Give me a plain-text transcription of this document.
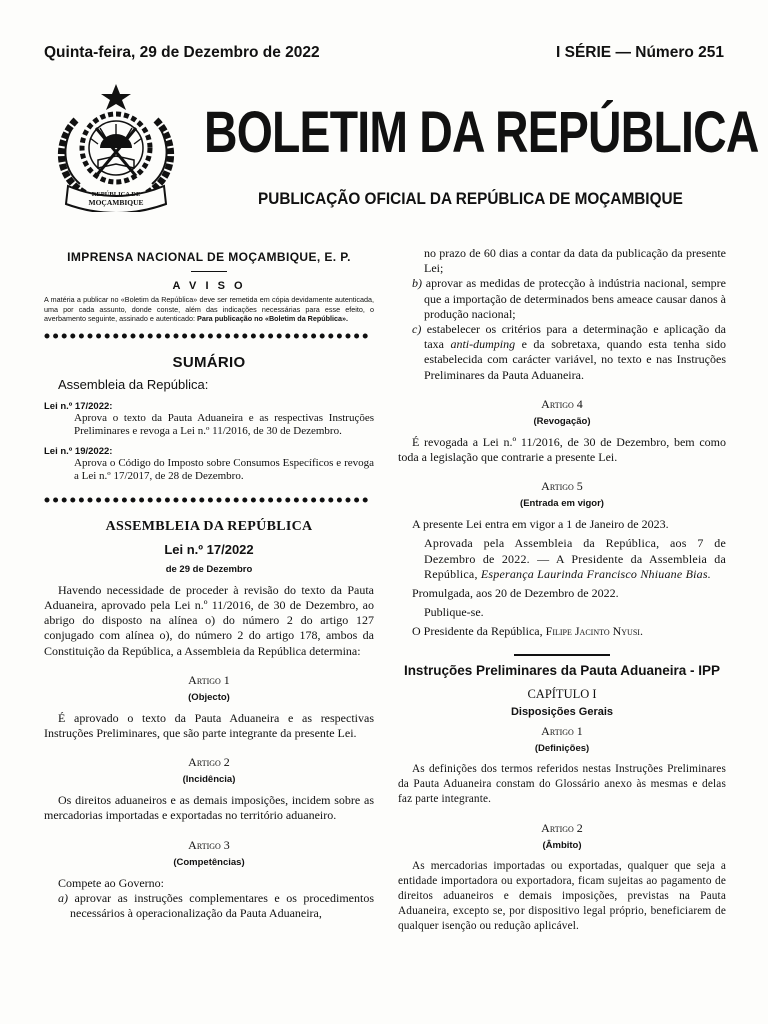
Quinta-feira, 29 de Dezembro de 2022	I SÉRIE — Número 251
REPÚBLICA DE
MOÇAMBIQUE
BOLETIM DA REPÚBLICA
PUBLICAÇÃO OFICIAL DA REPÚBLICA DE MOÇAMBIQUE
IMPRENSA NACIONAL DE MOÇAMBIQUE, E. P.
A V I S O
A matéria a publicar no «Boletim da República» deve ser remetida em cópia devidamente autenticada, uma por cada assunto, donde conste, além das indicações necessárias para esse efeito, o averbamento seguinte, assinado e autenticado: Para publicação no «Boletim da República».
SUMÁRIO
Assembleia da República:
Lei n.º 17/2022:

Aprova o texto da Pauta Aduaneira e as respectivas Instruções Preliminares e revoga a Lei n.º 11/2016, de 30 de Dezembro.

Lei n.º 19/2022:

Aprova o Código do Imposto sobre Consumos Específicos e revoga a Lei n.º 17/2017, de 28 de Dezembro.

ASSEMBLEIA DA REPÚBLICA
Lei n.º 17/2022
de 29 de Dezembro

Havendo necessidade de proceder à revisão do texto da Pauta Aduaneira, aprovado pela Lei n.º 11/2016, de 30 de Dezembro, ao abrigo do disposto na alínea o) do número 2 do artigo 127 conjugado com alínea o), do número 2 do artigo 178, ambos da Constituição da República, a Assembleia da República determina:

Artigo 1
(Objecto)

É aprovado o texto da Pauta Aduaneira e as respectivas Instruções Preliminares, que são parte integrante da presente Lei.

Artigo 2
(Incidência)

Os direitos aduaneiros e as demais imposições, incidem sobre as mercadorias importadas e exportadas no território aduaneiro.

Artigo 3
(Competências)

Compete ao Governo:

a) aprovar as instruções complementares e os procedimentos necessários à operacionalização da Pauta Aduaneira,

no prazo de 60 dias a contar da data da publicação da presente Lei;

b) aprovar as medidas de protecção à indústria nacional, sempre que a importação de determinados bens ameace causar danos à produção nacional;

c) estabelecer os critérios para a determinação e aplicação da taxa anti-dumping e da sobretaxa, quando esta tenha sido estabelecida com carácter variável, no texto e nas Instruções Preliminares da Pauta Aduaneira.

Artigo 4
(Revogação)

É revogada a Lei n.º 11/2016, de 30 de Dezembro, bem como toda a legislação que contrarie a presente Lei.

Artigo 5
(Entrada em vigor)

A presente Lei entra em vigor a 1 de Janeiro de 2023.

Aprovada pela Assembleia da República, aos 7 de Dezembro de 2022. — A Presidente da Assembleia da República, Esperança Laurinda Francisco Nhiuane Bias.

Promulgada, aos 20 de Dezembro de 2022.

Publique-se.

O Presidente da República, Filipe Jacinto Nyusi.

Instruções Preliminares da Pauta Aduaneira - IPP
CAPÍTULO I
Disposições Gerais
Artigo 1
(Definições)

As definições dos termos referidos nestas Instruções Preliminares da Pauta Aduaneira constam do Glossário anexo às mesmas e delas faz parte integrante.

Artigo 2
(Âmbito)

As mercadorias importadas ou exportadas, qualquer que seja a entidade importadora ou exportadora, ficam sujeitas ao pagamento de direitos aduaneiros e demais imposições, previstas na Pauta Aduaneira, excepto se, por dispositivo legal próprio, beneficiarem de qualquer isenção ou redução aplicável.
